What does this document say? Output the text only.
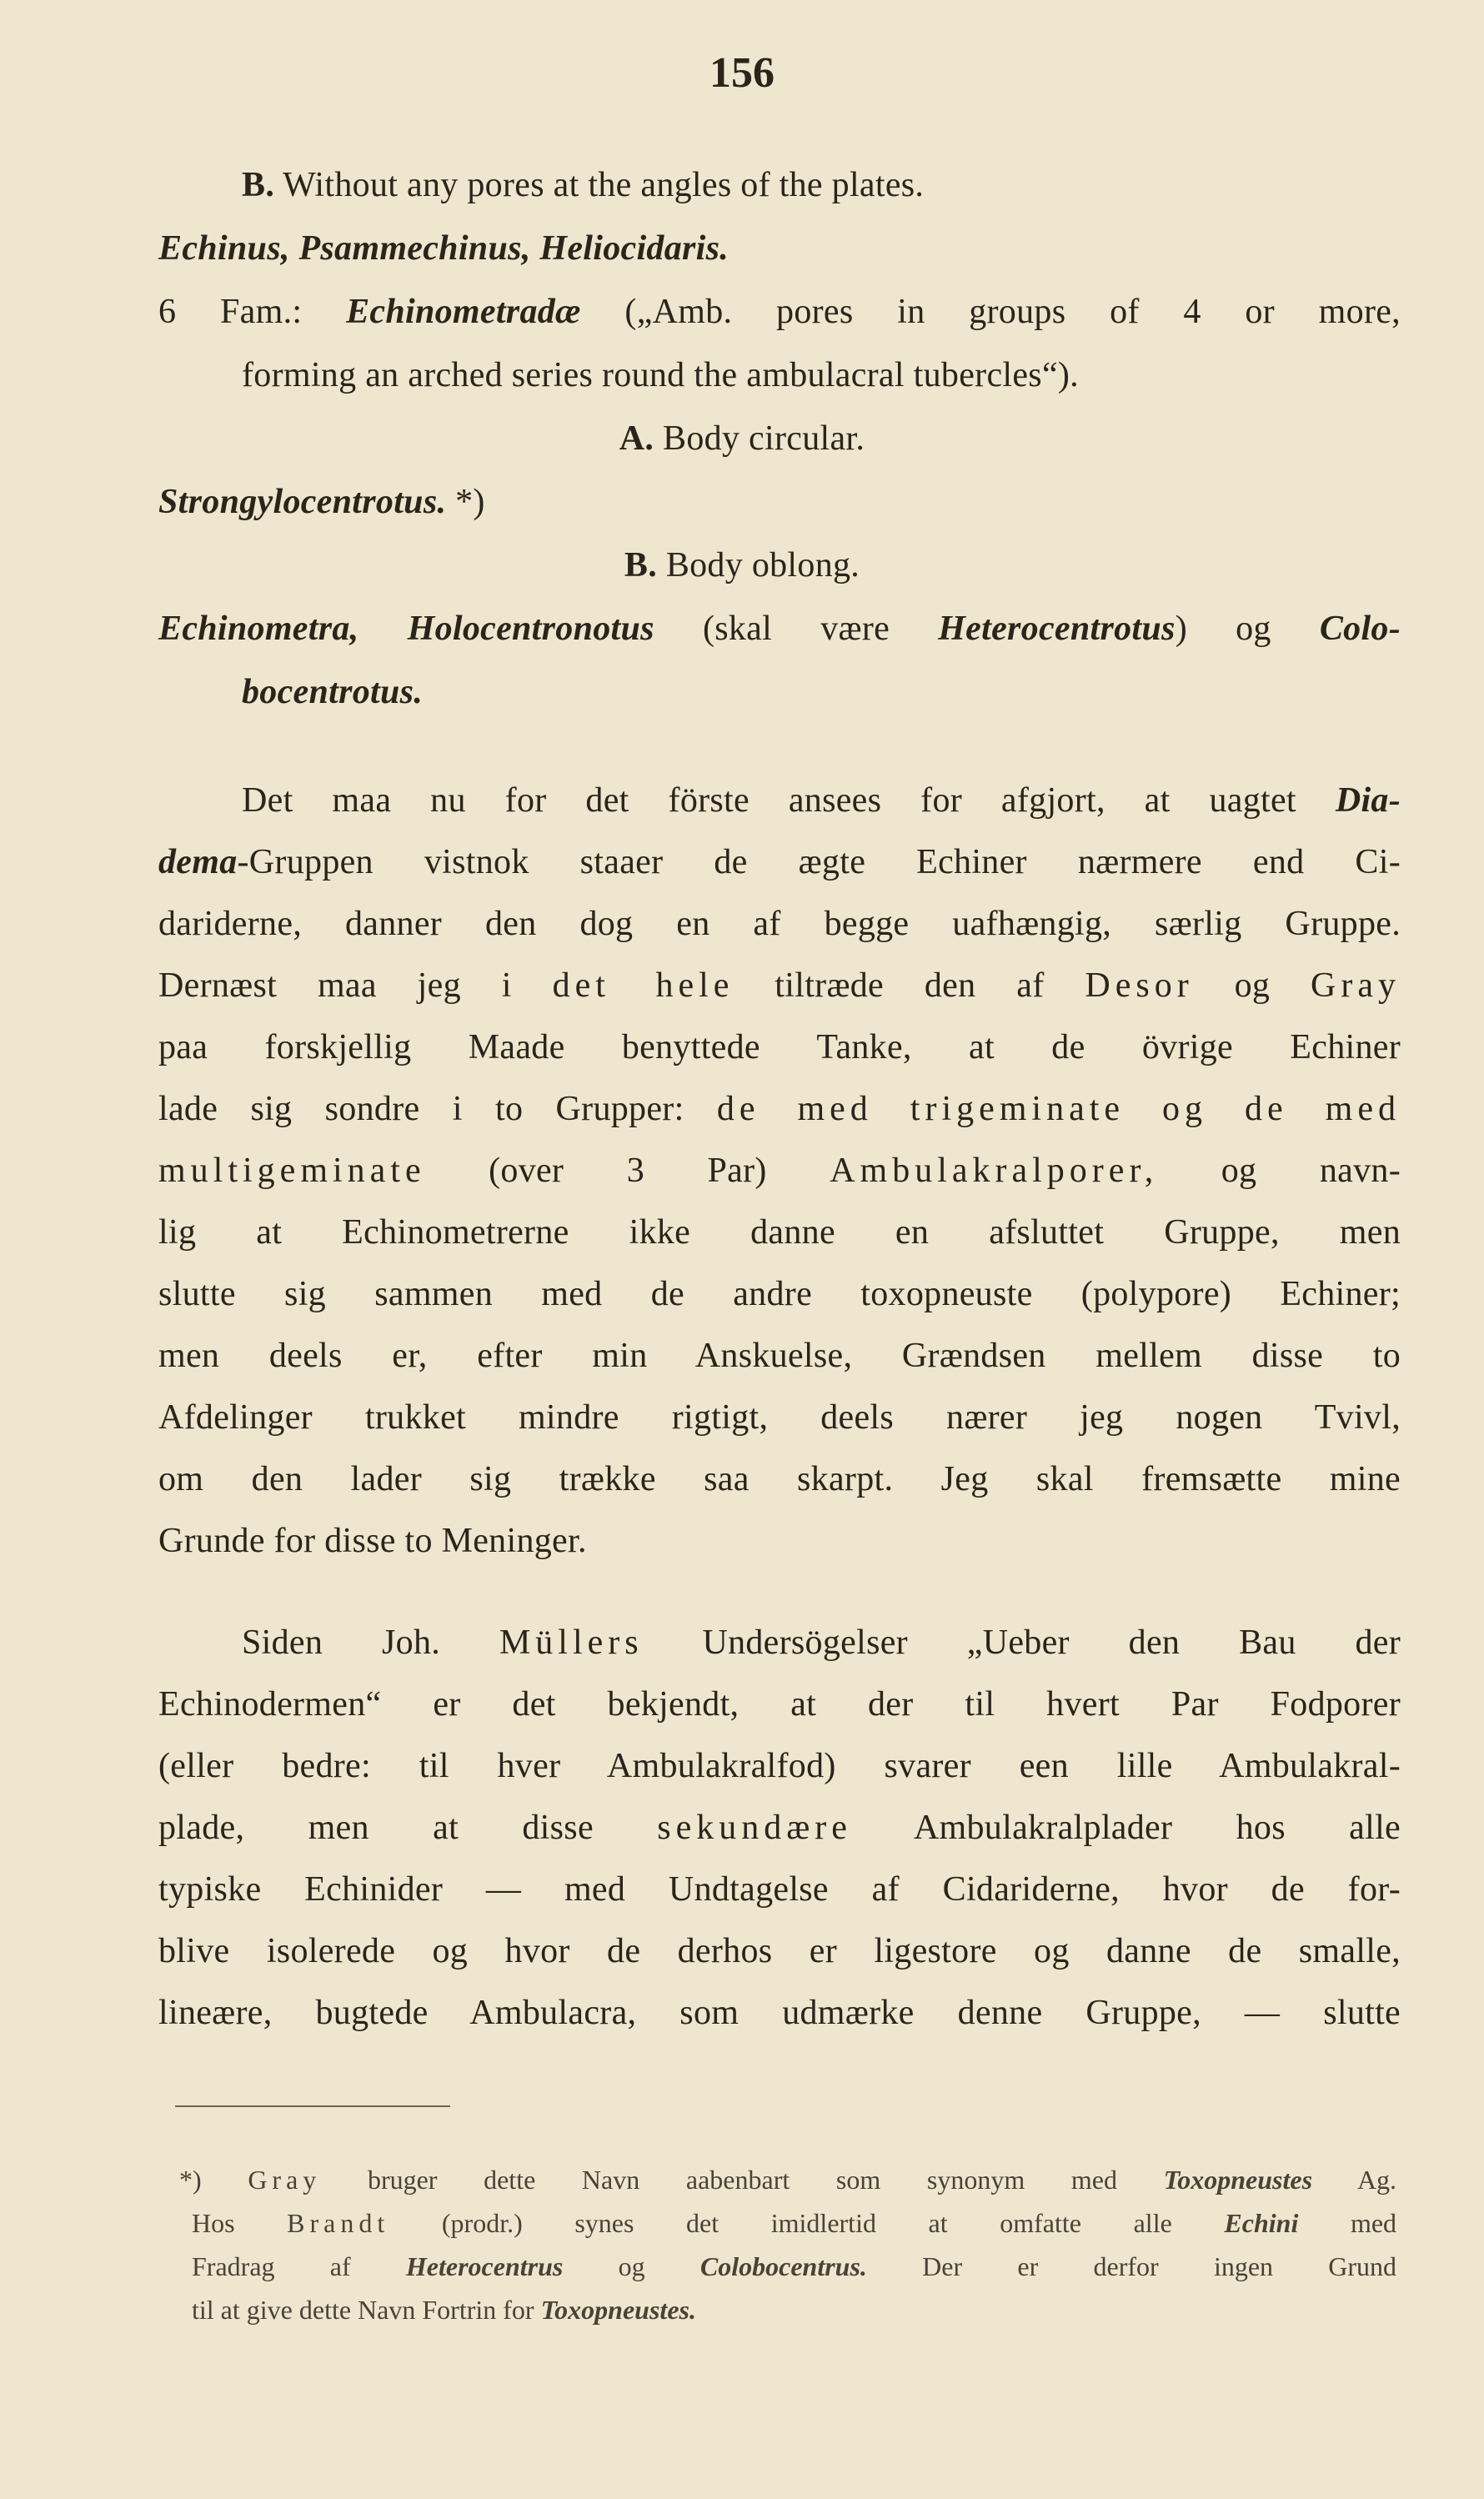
156
B. Without any pores at the angles of the plates.
Echinus, Psammechinus, Heliocidaris.
6 Fam.: Echinometradæ („Amb. pores in groups of 4 or more,
forming an arched series round the ambulacral tubercles“).
A. Body circular.
Strongylocentrotus. *)
B. Body oblong.
Echinometra, Holocentronotus (skal være Heterocentrotus) og Colo-
bocentrotus.
Det maa nu for det förste ansees for afgjort, at uagtet Dia-
dema-Gruppen vistnok staaer de ægte Echiner nærmere end Ci-
dariderne, danner den dog en af begge uafhængig, særlig Gruppe.
Dernæst maa jeg i det hele tiltræde den af Desor og Gray
paa forskjellig Maade benyttede Tanke, at de övrige Echiner
lade sig sondre i to Grupper: de med trigeminate og de med
multigeminate (over 3 Par) Ambulakralporer, og navn-
lig at Echinometrerne ikke danne en afsluttet Gruppe, men
slutte sig sammen med de andre toxopneuste (polypore) Echiner;
men deels er, efter min Anskuelse, Grændsen mellem disse to
Afdelinger trukket mindre rigtigt, deels nærer jeg nogen Tvivl,
om den lader sig trække saa skarpt. Jeg skal fremsætte mine
Grunde for disse to Meninger.
Siden Joh. Müllers Undersögelser „Ueber den Bau der
Echinodermen“ er det bekjendt, at der til hvert Par Fodporer
(eller bedre: til hver Ambulakralfod) svarer een lille Ambulakral-
plade, men at disse sekundære Ambulakralplader hos alle
typiske Echinider — med Undtagelse af Cidariderne, hvor de for-
blive isolerede og hvor de derhos er ligestore og danne de smalle,
lineære, bugtede Ambulacra, som udmærke denne Gruppe, — slutte
*) Gray bruger dette Navn aabenbart som synonym med Toxopneustes Ag.
Hos Brandt (prodr.) synes det imidlertid at omfatte alle Echini med
Fradrag af Heterocentrus og Colobocentrus. Der er derfor ingen Grund
til at give dette Navn Fortrin for Toxopneustes.
